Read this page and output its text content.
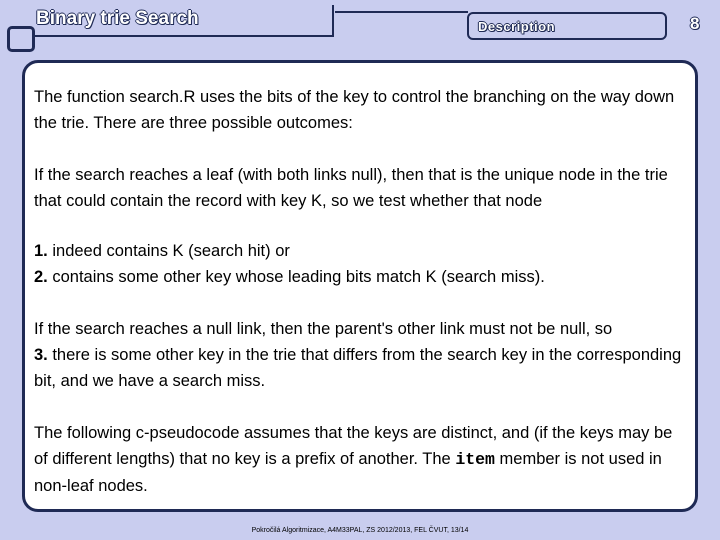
Binary trie Search	Description	8
The function search.R uses the bits of the key to control the branching on the way down the trie. There are three possible outcomes:
If the search reaches a leaf (with both links null), then that is the unique node in the trie that could contain the record with key K, so we test whether that node
1. indeed contains K (search hit) or
2. contains some other key whose leading bits match K (search miss).
If the search reaches a null link, then the parent's other link must not be null, so
3. there is some other key in the trie that differs from the search key in the corresponding bit, and we have a search miss.
The following c-pseudocode assumes that the keys are distinct, and (if the keys may be of different lengths) that no key is a prefix of another. The item member is not used in non-leaf nodes.
Pokročilá Algoritmizace, A4M33PAL, ZS 2012/2013, FEL ČVUT, 13/14
